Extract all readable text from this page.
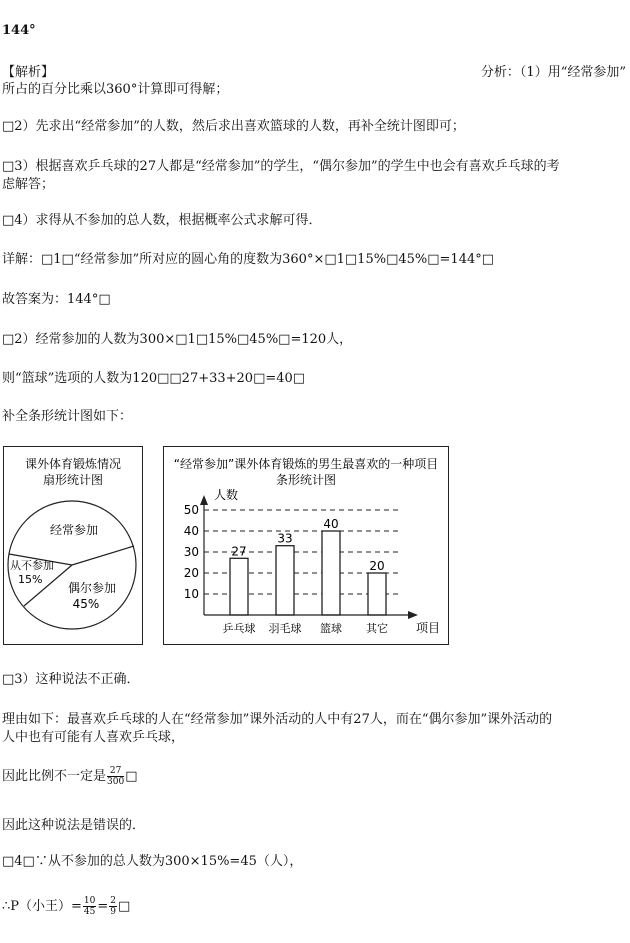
144°
【解析】	分析：（1）用“经常参加”
所占的百分比乘以360°计算即可得解；
□2）先求出“经常参加”的人数，然后求出喜欢篮球的人数，再补全统计图即可；
□3）根据喜欢乒乓球的27人都是“经常参加”的学生，“偶尔参加”的学生中也会有喜欢乒乓球的考
虑解答；
□4）求得从不参加的总人数，根据概率公式求解可得．
详解：□1□“经常参加”所对应的圆心角的度数为360°×□1□15%□45%□=144°□
故答案为：144°□
□2）经常参加的人数为300×□1□15%□45%□=120人，
则“篮球”选项的人数为120□□27+33+20□=40□
补全条形统计图如下：
课外体育锻炼情况
扇形统计图
经常参加
从不参加
15%
偶尔参加
45%
“经常参加”课外体育锻炼的男生最喜欢的一种项目
条形统计图
人数
项目
10
20
30
40
50
27
33
40
20
乒乓球 羽毛球 篮球 其它
□3）这种说法不正确．
理由如下：最喜欢乒乓球的人在“经常参加”课外活动的人中有27人，而在“偶尔参加”课外活动的
人中也有可能有人喜欢乒乓球，
因此比例不一定是 $\frac{27}{300}$ □
因此这种说法是错误的．
□4□∵从不参加的总人数为300×15%=45（人），
∴P（小王）= $\frac{10}{45} = \frac{2}{9}$ □
